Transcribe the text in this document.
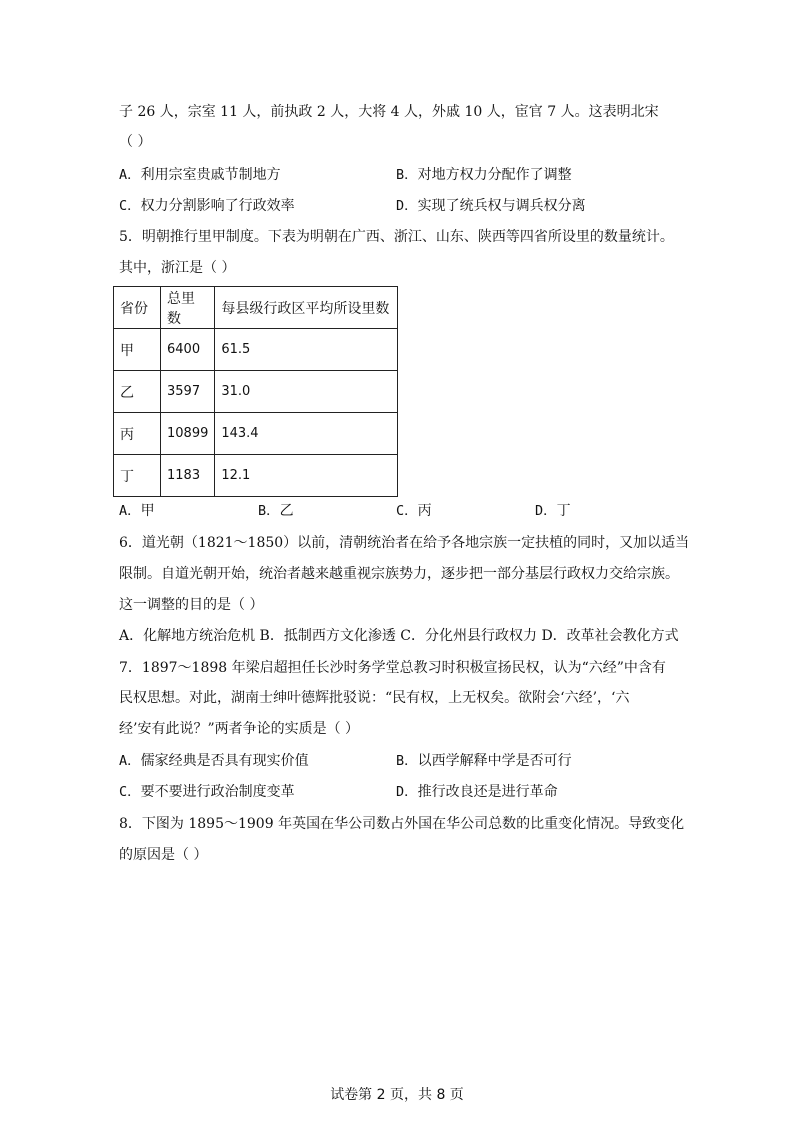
子 26 人，宗室 11 人，前执政 2 人，大将 4 人，外戚 10 人，宦官 7 人。这表明北宋
（ ）
A．利用宗室贵戚节制地方	B．对地方权力分配作了调整
C．权力分割影响了行政效率	D．实现了统兵权与调兵权分离
5．明朝推行里甲制度。下表为明朝在广西、浙江、山东、陕西等四省所设里的数量统计。
其中，浙江是（ ）
省份	总里数	每县级行政区平均所设里数
甲	6400	61.5
乙	3597	31.0
丙	10899	143.4
丁	1183	12.1
A．甲	B．乙	C．丙	D．丁
6．道光朝（1821～1850）以前，清朝统治者在给予各地宗族一定扶植的同时，又加以适当
限制。自道光朝开始，统治者越来越重视宗族势力，逐步把一部分基层行政权力交给宗族。
这一调整的目的是（ ）
A．化解地方统治危机 B．抵制西方文化渗透 C．分化州县行政权力 D．改革社会教化方式
7．1897～1898 年梁启超担任长沙时务学堂总教习时积极宣扬民权，认为“六经”中含有
民权思想。对此，湖南士绅叶德辉批驳说：“民有权，上无权矣。欲附会‘六经’，‘六
经’安有此说？”两者争论的实质是（ ）
A．儒家经典是否具有现实价值	B．以西学解释中学是否可行
C．要不要进行政治制度变革	D．推行改良还是进行革命
8．下图为 1895～1909 年英国在华公司数占外国在华公司总数的比重变化情况。导致变化
的原因是（ ）
试卷第 2 页，共 8 页
